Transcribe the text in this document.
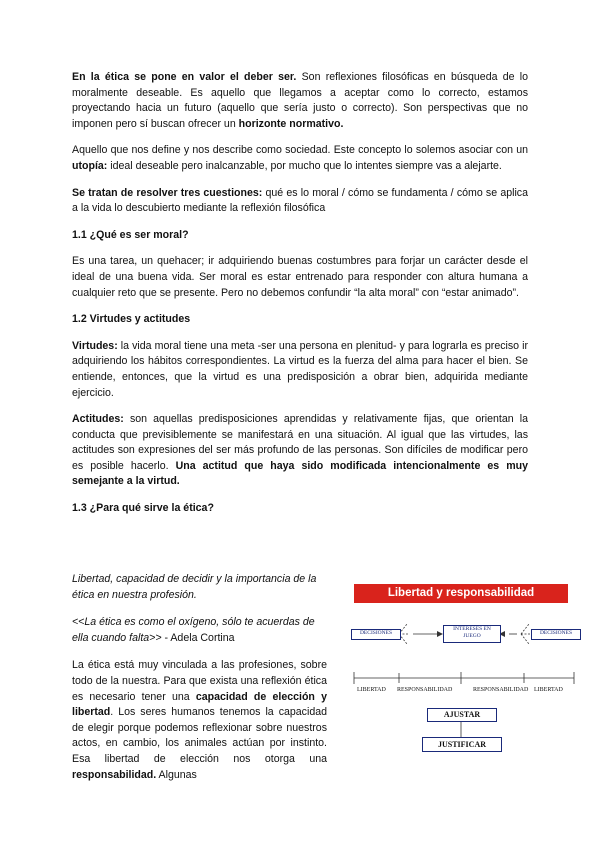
En la ética se pone en valor el deber ser. Son reflexiones filosóficas en búsqueda de lo moralmente deseable. Es aquello que llegamos a aceptar como lo correcto, estamos proyectando hacia un futuro (aquello que sería justo o correcto). Son perspectivas que no imponen pero sí buscan ofrecer un horizonte normativo.

Aquello que nos define y nos describe como sociedad. Este concepto lo solemos asociar con un utopía: ideal deseable pero inalcanzable, por mucho que lo intentes siempre vas a alejarte.

Se tratan de resolver tres cuestiones: qué es lo moral / cómo se fundamenta / cómo se aplica a la vida lo descubierto mediante la reflexión filosófica

1.1 ¿Qué es ser moral?

Es una tarea, un quehacer; ir adquiriendo buenas costumbres para forjar un carácter desde el ideal de una buena vida. Ser moral es estar entrenado para responder con altura humana a cualquier reto que se presente. Pero no debemos confundir “la alta moral” con “estar animado”.

1.2 Virtudes y actitudes

Virtudes: la vida moral tiene una meta -ser una persona en plenitud- y para lograrla es preciso ir adquiriendo los hábitos correspondientes. La virtud es la fuerza del alma para hacer el bien. Se entiende, entonces, que la virtud es una predisposición a obrar bien, adquirida mediante ejercicio.

Actitudes: son aquellas predisposiciones aprendidas y relativamente fijas, que orientan la conducta que previsiblemente se manifestará en una situación. Al igual que las virtudes, las actitudes son expresiones del ser más profundo de las personas. Son difíciles de modificar pero es posible hacerlo. Una actitud que haya sido modificada intencionalmente es muy semejante a la virtud.

1.3 ¿Para qué sirve la ética?

Libertad, capacidad de decidir y la importancia de la ética en nuestra profesión.

<<La ética es como el oxígeno, sólo te acuerdas de ella cuando falta>> - Adela Cortina

La ética está muy vinculada a las profesiones, sobre todo de la nuestra. Para que exista una reflexión ética es necesario tener una capacidad de elección y libertad. Los seres humanos tenemos la capacidad de elegir porque podemos reflexionar sobre nuestros actos, en cambio, los animales actúan por instinto. Esa libertad de elección nos otorga una responsabilidad. Algunas

Libertad y responsabilidad
DECISIONES
INTERESES EN JUEGO	DECISIONES
LIBERTAD RESPONSABILIDAD	RESPONSABILIDAD LIBERTAD
AJUSTAR
JUSTIFICAR
